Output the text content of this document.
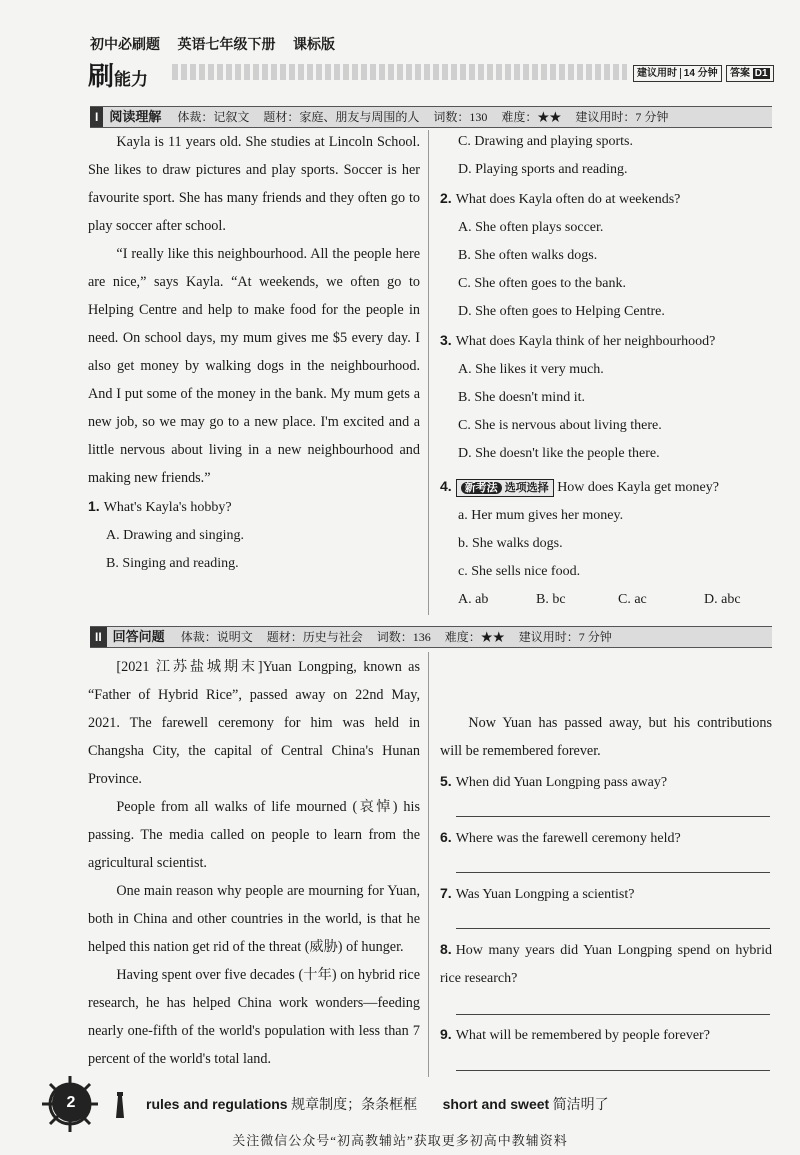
初中必刷题 英语七年级下册 课标版
刷能力	建议用时 14 分钟	答案 D1
I 阅读理解 体裁：记叙文 题材：家庭、朋友与周围的人 词数：130 难度：★★ 建议用时：7 分钟

Kayla is 11 years old. She studies at Lincoln School. She likes to draw pictures and play sports. Soccer is her favourite sport. She has many friends and they often go to play soccer after school.

“I really like this neighbourhood. All the people here are nice,” says Kayla. “At weekends, we often go to Helping Centre and help to make food for the people in need. On school days, my mum gives me $5 every day. I also get money by walking dogs in the neighbourhood. And I put some of the money in the bank. My mum gets a new job, so we may go to a new place. I'm excited and a little nervous about living in a new neighbourhood and making new friends.”

1. What's Kayla's hobby?
A. Drawing and singing.
B. Singing and reading.
C. Drawing and playing sports.
D. Playing sports and reading.
2. What does Kayla often do at weekends?
A. She often plays soccer.
B. She often walks dogs.
C. She often goes to the bank.
D. She often goes to Helping Centre.
3. What does Kayla think of her neighbourhood?
A. She likes it very much.
B. She doesn't mind it.
C. She is nervous about living there.
D. She doesn't like the people there.
4. 新考法 选项选择 How does Kayla get money?
a. Her mum gives her money.
b. She walks dogs.
c. She sells nice food.
A. ab	B. bc	C. ac	D. abc
II 回答问题 体裁：说明文 题材：历史与社会 词数：136 难度：★★ 建议用时：7 分钟

[2021 江苏盐城期末]Yuan Longping, known as “Father of Hybrid Rice”, passed away on 22nd May, 2021. The farewell ceremony for him was held in Changsha City, the capital of Central China's Hunan Province.

People from all walks of life mourned (哀悼) his passing. The media called on people to learn from the agricultural scientist.

One main reason why people are mourning for Yuan, both in China and other countries in the world, is that he helped this nation get rid of the threat (威胁) of hunger.

Having spent over five decades (十年) on hybrid rice research, he has helped China work wonders—feeding nearly one-fifth of the world's population with less than 7 percent of the world's total land.

Now Yuan has passed away, but his contributions will be remembered forever.

5. When did Yuan Longping pass away?
6. Where was the farewell ceremony held?
7. Was Yuan Longping a scientist?
8. How many years did Yuan Longping spend on hybrid rice research?
9. What will be remembered by people forever?
2	rules and regulations 规章制度；条条框框 short and sweet 简洁明了
关注微信公众号“初高教辅站”获取更多初高中教辅资料
